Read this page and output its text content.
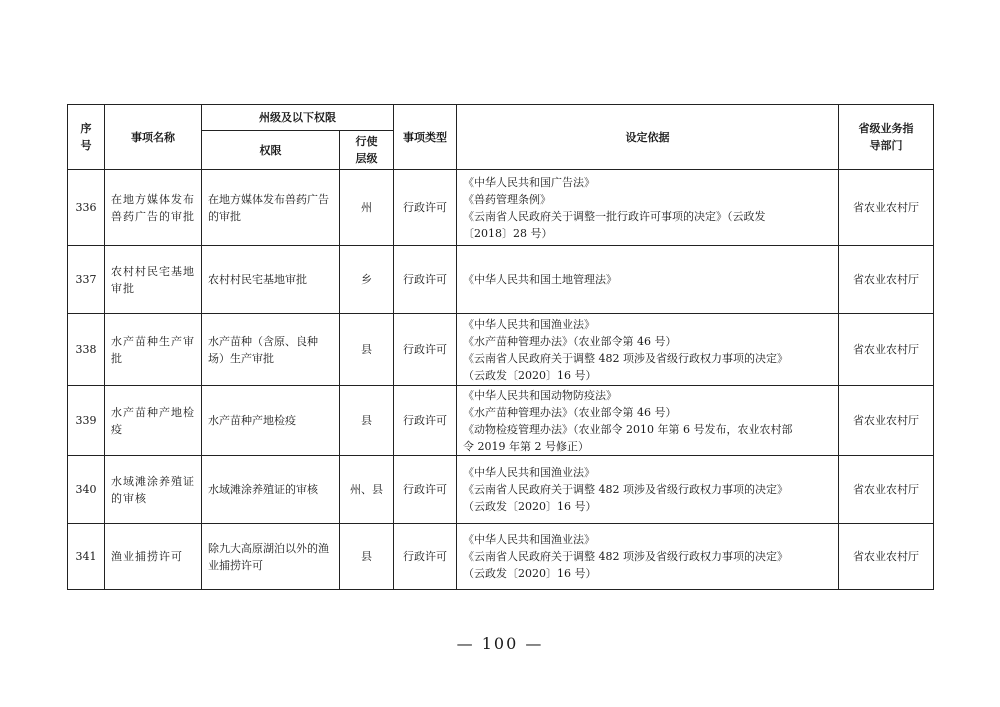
序号	事项名称	州级及以下权限		事项类型	设定依据	省级业务指导部门
		权限	行使层级			
336	在地方媒体发布兽药广告的审批	在地方媒体发布兽药广告的审批	州	行政许可	《中华人民共和国广告法》
《兽药管理条例》
《云南省人民政府关于调整一批行政许可事项的决定》（云政发
〔2018〕28 号）	省农业农村厅
337	农村村民宅基地审批	农村村民宅基地审批	乡	行政许可	《中华人民共和国土地管理法》	省农业农村厅
338	水产苗种生产审批	水产苗种（含原、良种场）生产审批	县	行政许可	《中华人民共和国渔业法》
《水产苗种管理办法》（农业部令第 46 号）
《云南省人民政府关于调整 482 项涉及省级行政权力事项的决定》
（云政发〔2020〕16 号）	省农业农村厅
339	水产苗种产地检疫	水产苗种产地检疫	县	行政许可	《中华人民共和国动物防疫法》
《水产苗种管理办法》（农业部令第 46 号）
《动物检疫管理办法》（农业部令 2010 年第 6 号发布，农业农村部
令 2019 年第 2 号修正）	省农业农村厅
340	水域滩涂养殖证的审核	水域滩涂养殖证的审核	州、县	行政许可	《中华人民共和国渔业法》
《云南省人民政府关于调整 482 项涉及省级行政权力事项的决定》
（云政发〔2020〕16 号）	省农业农村厅
341	渔业捕捞许可	除九大高原湖泊以外的渔业捕捞许可	县	行政许可	《中华人民共和国渔业法》
《云南省人民政府关于调整 482 项涉及省级行政权力事项的决定》
（云政发〔2020〕16 号）	省农业农村厅
— 100 —
